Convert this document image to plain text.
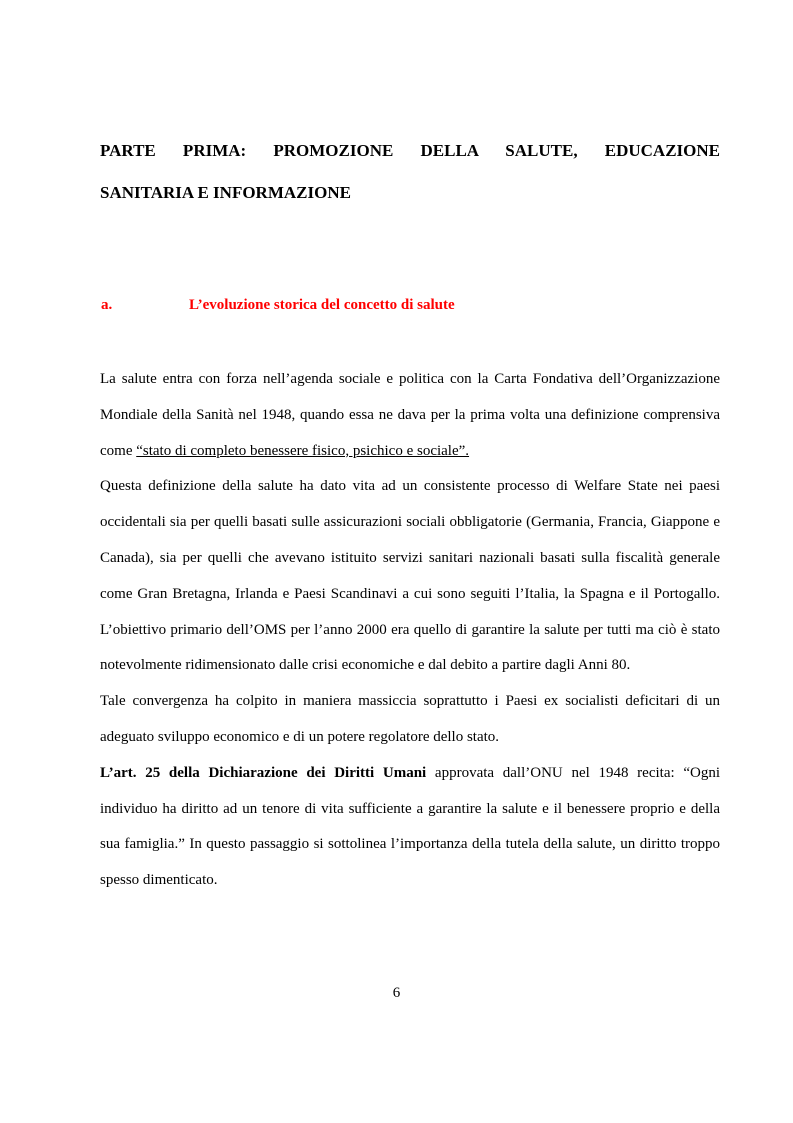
PARTE PRIMA: PROMOZIONE DELLA SALUTE, EDUCAZIONE
SANITARIA E INFORMAZIONE
a.	L’evoluzione storica del concetto di salute

La salute entra con forza nell’agenda sociale e politica con la Carta Fondativa dell’Organizzazione Mondiale della Sanità nel 1948, quando essa ne dava per la prima volta una definizione comprensiva come “stato di completo benessere fisico, psichico e sociale”.

Questa definizione della salute ha dato vita ad un consistente processo di Welfare State nei paesi occidentali sia per quelli basati sulle assicurazioni sociali obbligatorie (Germania, Francia, Giappone e Canada), sia per quelli che avevano istituito servizi sanitari nazionali basati sulla fiscalità generale come Gran Bretagna, Irlanda e Paesi Scandinavi a cui sono seguiti l’Italia, la Spagna e il Portogallo. L’obiettivo primario dell’OMS per l’anno 2000 era quello di garantire la salute per tutti ma ciò è stato notevolmente ridimensionato dalle crisi economiche e dal debito a partire dagli Anni 80.

Tale convergenza ha colpito in maniera massiccia soprattutto i Paesi ex socialisti deficitari di un adeguato sviluppo economico e di un potere regolatore dello stato.

L’art. 25 della Dichiarazione dei Diritti Umani approvata dall’ONU nel 1948 recita: “Ogni individuo ha diritto ad un tenore di vita sufficiente a garantire la salute e il benessere proprio e della sua famiglia.” In questo passaggio si sottolinea l’importanza della tutela della salute, un diritto troppo spesso dimenticato.

6
